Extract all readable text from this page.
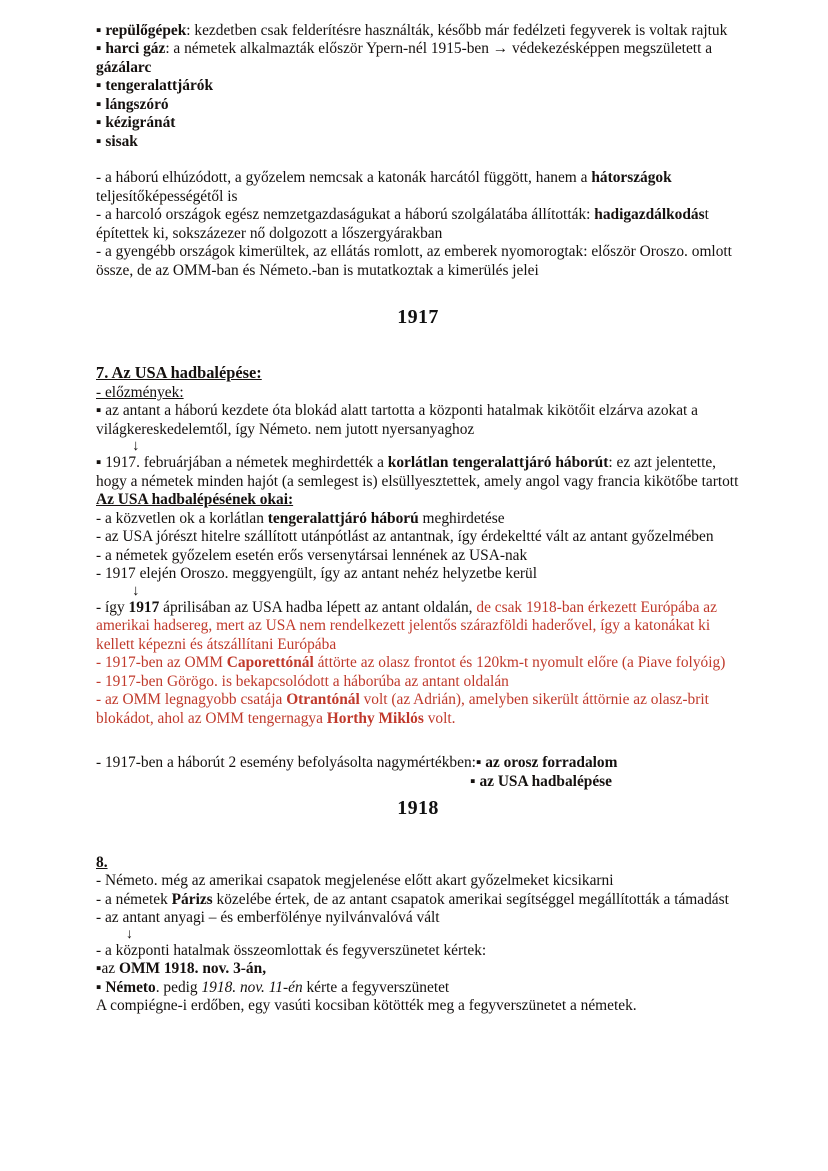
▪ repülőgépek: kezdetben csak felderítésre használták, később már fedélzeti fegyverek is voltak rajtuk
▪ harci gáz: a németek alkalmazták először Ypern-nél 1915-ben → védekezésképpen megszületett a gázálarc
▪ tengeralattjárók
▪ lángszóró
▪ kézigránát
▪ sisak
- a háború elhúzódott, a győzelem nemcsak a katonák harcától függött, hanem a hátországok teljesítőképességétől is
- a harcoló országok egész nemzetgazdaságukat a háború szolgálatába állították: hadigazdálkodást építettek ki, sokszázezer nő dolgozott a lőszergyárakban
- a gyengébb országok kimerültek, az ellátás romlott, az emberek nyomorogtak: először Oroszo. omlott össze, de az OMM-ban és Németo.-ban is mutatkoztak a kimerülés jelei
1917
7. Az USA hadbalépése:
- előzmények:
▪ az antant a háború kezdete óta blokád alatt tartotta a központi hatalmak kikötőit elzárva azokat a világkereskedelemtől, így Németo. nem jutott nyersanyaghoz
↓
▪ 1917. februárjában a németek meghirdették a korlátlan tengeralattjáró háborút: ez azt jelentette, hogy a németek minden hajót (a semlegest is) elsüllyesztettek, amely angol vagy francia kikötőbe tartott
Az USA hadbalépésének okai:
- a közvetlen ok a korlátlan tengeralattjáró háború meghirdetése
- az USA jórészt hitelre szállított utánpótlást az antantnak, így érdekeltté vált az antant győzelmében
- a németek győzelem esetén erős versenytársai lennének az USA-nak
- 1917 elején Oroszo. meggyengült, így az antant nehéz helyzetbe kerül
↓
- így 1917 áprilisában az USA hadba lépett az antant oldalán, de csak 1918-ban érkezett Európába az amerikai hadsereg, mert az USA nem rendelkezett jelentős szárazföldi haderővel, így a katonákat ki kellett képezni és átszállítani Európába
- 1917-ben az OMM Caporettónál áttörte az olasz frontot és 120km-t nyomult előre (a Piave folyóig)
- 1917-ben Görögo. is bekapcsolódott a háborúba az antant oldalán
- az OMM legnagyobb csatája Otrantónál volt (az Adrián), amelyben sikerült áttörnie az olasz-brit blokádot, ahol az OMM tengernagya Horthy Miklós volt.
- 1917-ben a háborút 2 esemény befolyásolta nagymértékben:▪ az orosz forradalom
▪ az USA hadbalépése
1918
8.
- Németo. még az amerikai csapatok megjelenése előtt akart győzelmeket kicsikarni
- a németek Párizs közelébe értek, de az antant csapatok amerikai segítséggel megállították a támadást
- az antant anyagi – és emberfölénye nyilvánvalóvá vált
↓
- a központi hatalmak összeomlottak és fegyverszünetet kértek:
▪az OMM 1918. nov. 3-án,
▪ Németo. pedig 1918. nov. 11-én kérte a fegyverszünetet
A compiégne-i erdőben, egy vasúti kocsiban kötötték meg a fegyverszünetet a németek.
